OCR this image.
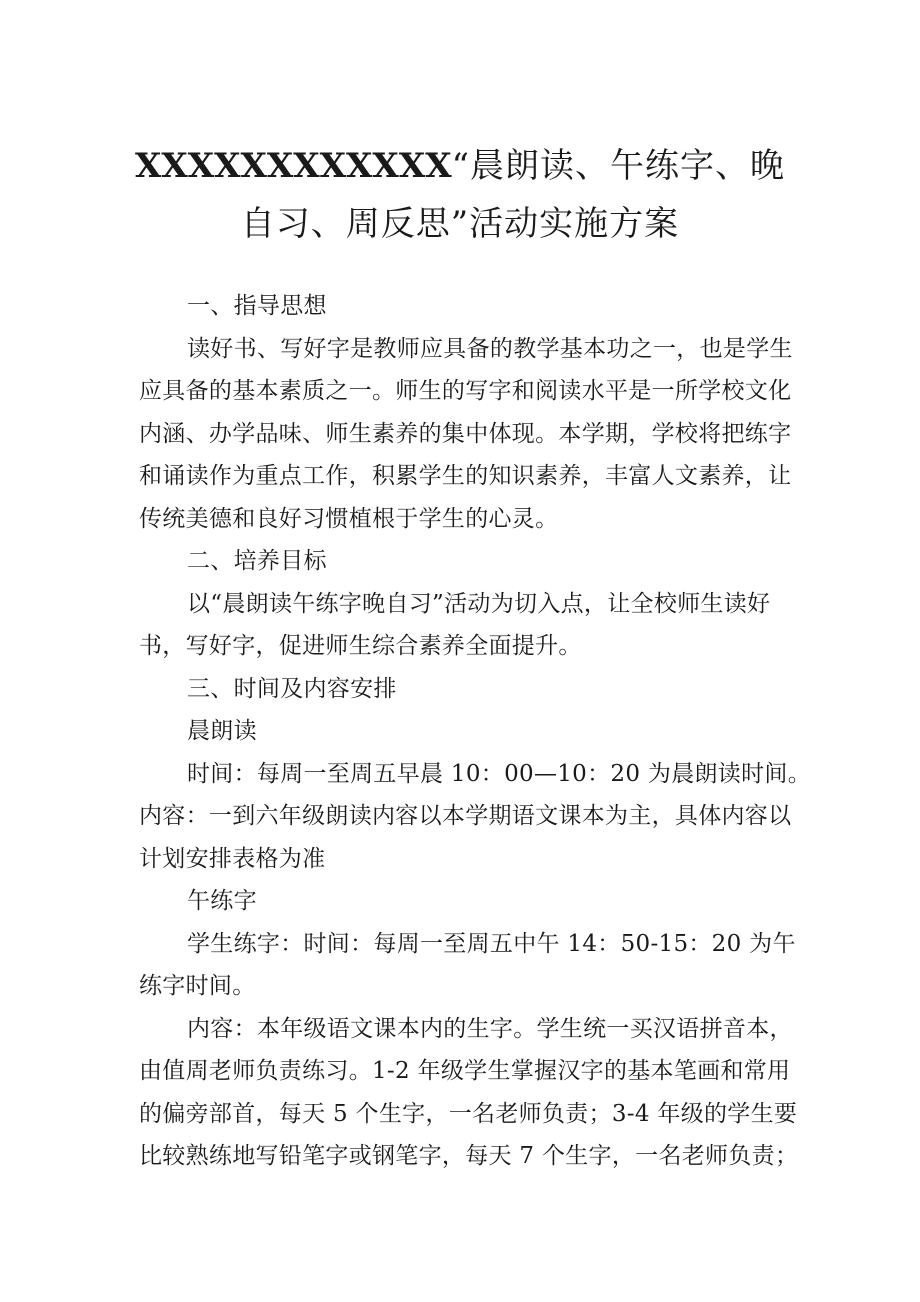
XXXXXXXXXXXX“晨朗读、午练字、晚
自习、周反思”活动实施方案
一、指导思想
读好书、写好字是教师应具备的教学基本功之一，也是学生
应具备的基本素质之一。师生的写字和阅读水平是一所学校文化
内涵、办学品味、师生素养的集中体现。本学期，学校将把练字
和诵读作为重点工作，积累学生的知识素养，丰富人文素养，让
传统美德和良好习惯植根于学生的心灵。
二、培养目标
以“晨朗读午练字晚自习”活动为切入点，让全校师生读好
书，写好字，促进师生综合素养全面提升。
三、时间及内容安排
晨朗读
时间：每周一至周五早晨 10：00—10：20 为晨朗读时间。
内容：一到六年级朗读内容以本学期语文课本为主，具体内容以
计划安排表格为准
午练字
学生练字：时间：每周一至周五中午 14：50-15：20 为午
练字时间。
内容：本年级语文课本内的生字。学生统一买汉语拼音本，
由值周老师负责练习。1-2 年级学生掌握汉字的基本笔画和常用
的偏旁部首，每天 5 个生字，一名老师负责；3-4 年级的学生要
比较熟练地写铅笔字或钢笔字，每天 7 个生字，一名老师负责；
